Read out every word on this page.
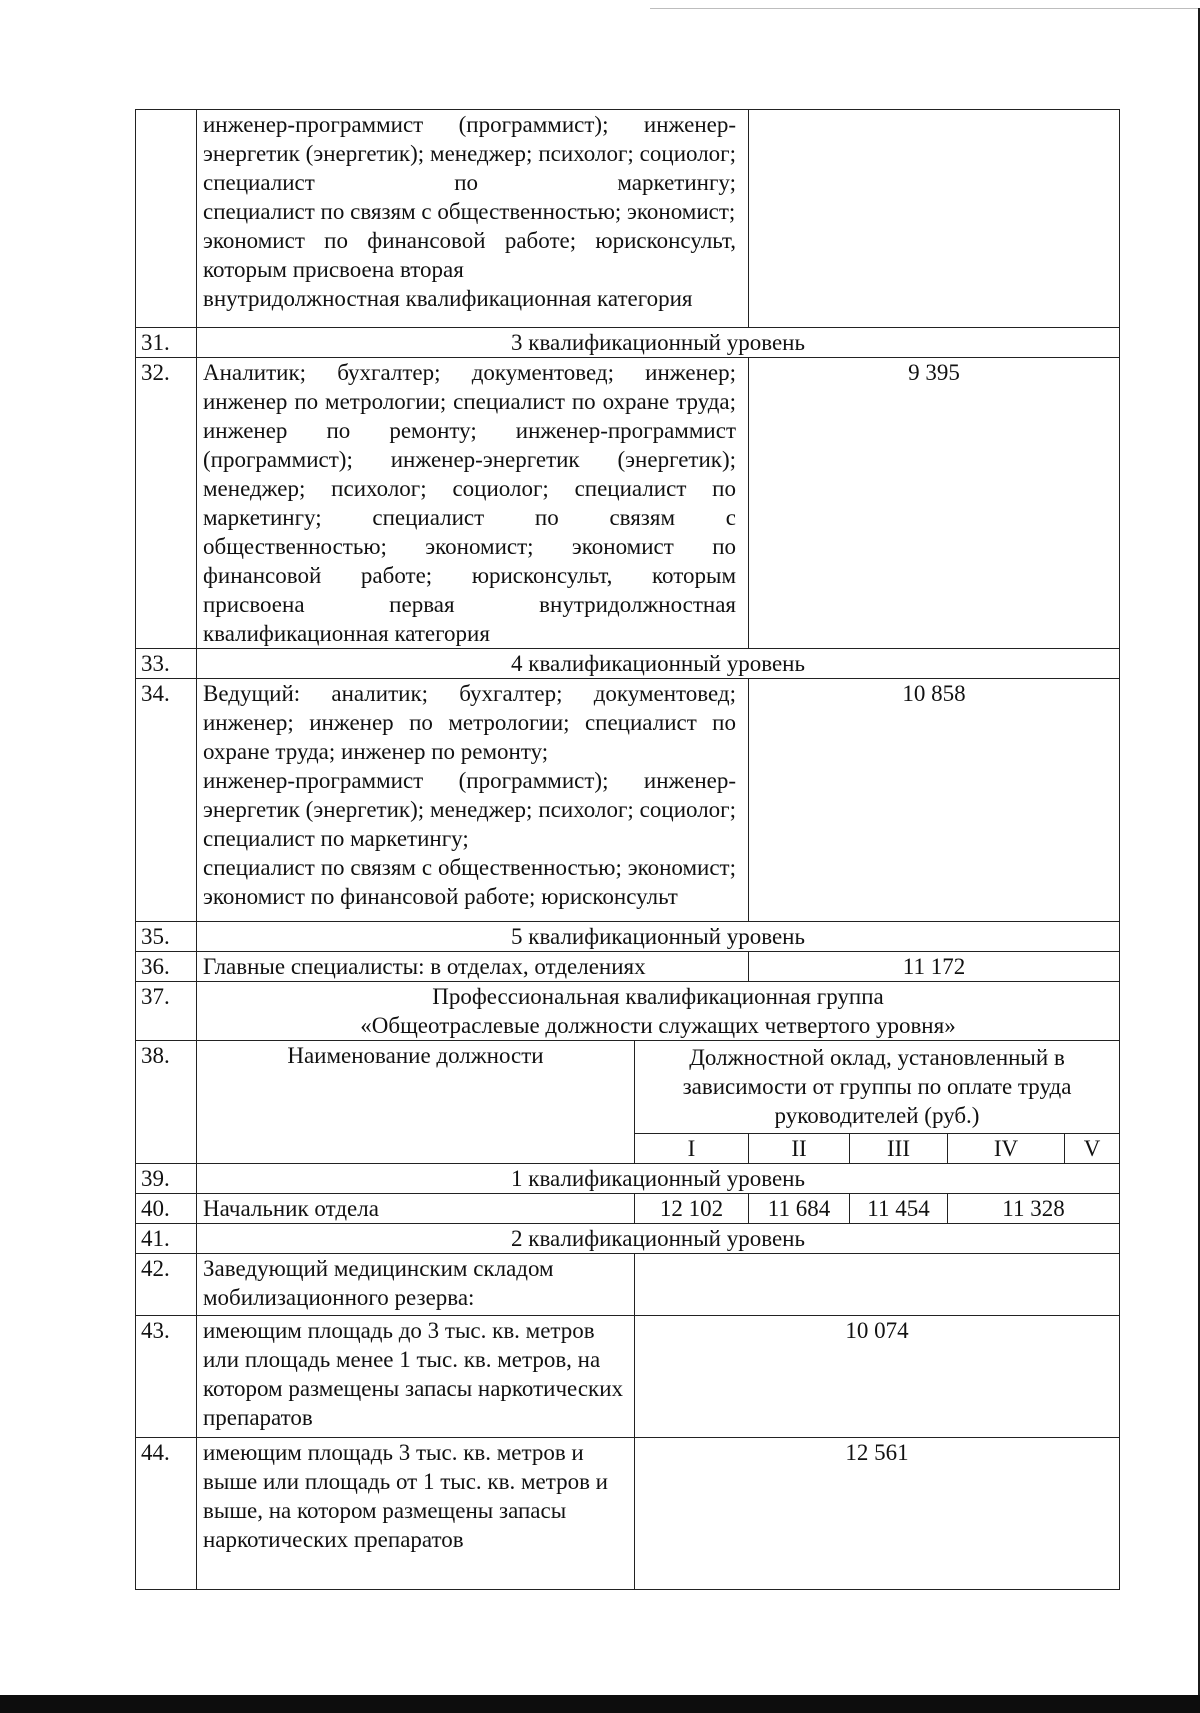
	инженер-программист (программист); инженер-энергетик (энергетик); менеджер; психолог; социолог; специалист по маркетингу;
специалист по связям с общественностью; экономист;
экономист по финансовой работе; юрисконсульт, которым присвоена вторая
внутридолжностная квалификационная категория					

31.	3 квалификационный уровень					
32.	Аналитик; бухгалтер; документовед; инженер; инженер по метрологии; специалист по охране труда; инженер по ремонту; инженер-программист (программист); инженер-энергетик (энергетик); менеджер; психолог; социолог; специалист по маркетингу; специалист по связям с общественностью; экономист; экономист по финансовой работе; юрисконсульт, которым присвоена первая внутридолжностная квалификационная категория		9 395			
33.	4 квалификационный уровень					
34.	Ведущий: аналитик; бухгалтер; документовед; инженер; инженер по метрологии; специалист по охране труда; инженер по ремонту;
инженер-программист (программист); инженер-энергетик (энергетик); менеджер; психолог; социолог; специалист по маркетингу;
специалист по связям с общественностью; экономист; экономист по финансовой работе; юрисконсульт		10 858			
35.	5 квалификационный уровень					
36.	Главные специалисты: в отделах, отделениях		11 172			
37.	Профессиональная квалификационная группа
«Общеотраслевые должности служащих четвертого уровня»					

38.	Наименование должности	Должностной оклад, установленный в зависимости от группы по оплате труда руководителей (руб.)				
		I	II	III	IV	V
39.	1 квалификационный уровень					
40.	Начальник отдела	12 102	11 684	11 454	11 328	
41.	2 квалификационный уровень					
42.	Заведующий медицинским складом мобилизационного резерва:					
43.	имеющим площадь до 3 тыс. кв. метров или площадь менее 1 тыс. кв. метров, на котором размещены запасы наркотических препаратов	10 074				
44.	имеющим площадь 3 тыс. кв. метров и выше или площадь от 1 тыс. кв. метров и выше, на котором размещены запасы наркотических препаратов	12 561				
